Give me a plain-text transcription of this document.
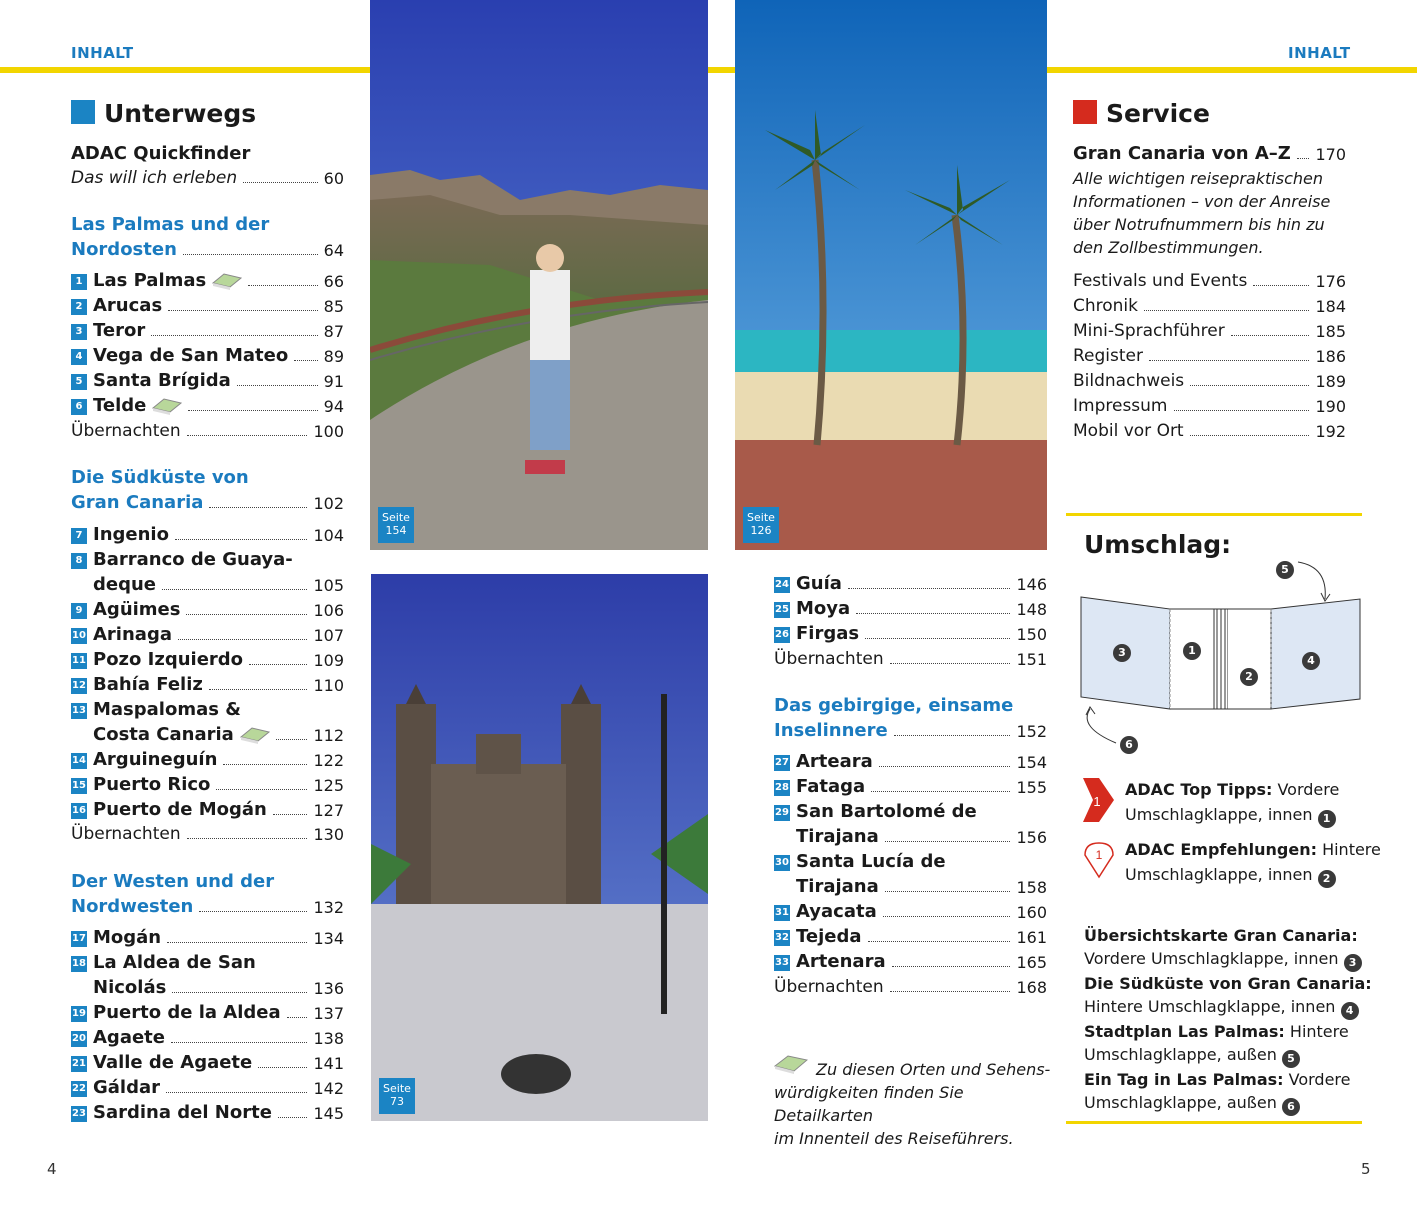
INHALT	INHALT
Unterwegs
ADAC Quickfinder
Das will ich erleben	60
Las Palmas und der
Nordosten	64
1 Las Palmas	66
2 Arucas	85
3 Teror	87
4 Vega de San Mateo 89
5 Santa Brígida	91
6 Telde	94
Übernachten	100
Die Südküste von
Gran Canaria	102
7 Ingenio	104
8 Barranco de Guaya-
deque	105
9 Agüimes	106
10 Arinaga	107
11 Pozo Izquierdo	109
12 Bahía Feliz	110
13 Maspalomas &
Costa Canaria	112
14 Arguineguín	122
15 Puerto Rico	125
16 Puerto de Mogán	127
Übernachten	130
Der Westen und der
Nordwesten	132
17 Mogán	134
18 La Aldea de San
Nicolás	136
19 Puerto de la Aldea 137
20 Agaete	138
21 Valle de Agaete	141
22 Gáldar	142
23 Sardina del Norte	145
Seite
154
Seite
73
Seite
126
24 Guía	146
25 Moya	148
26 Firgas	150
Übernachten	151
Das gebirgige, einsame
Inselinnere	152
27 Arteara	154
28 Fataga	155
29 San Bartolomé de
Tirajana	156
30 Santa Lucía de
Tirajana	158
31 Ayacata	160
32 Tejeda	161
33 Artenara	165
Übernachten	168
Zu diesen Orten und Sehens-
würdigkeiten finden Sie Detailkarten
im Innenteil des Reiseführers.
Service
Gran Canaria von A–Z 170
Alle wichtigen reisepraktischen
Informationen – von der Anreise
über Notrufnummern bis hin zu
den Zollbestimmungen.
Festivals und Events	176
Chronik	184
Mini-Sprachführer	185
Register	186
Bildnachweis	189
Impressum	190
Mobil vor Ort	192
Umschlag:
1
2
3
4
5
6
1
ADAC Top Tipps: Vordere
Umschlagklappe, innen 1
1 ADAC Empfehlungen: Hintere
Umschlagklappe, innen 2
Übersichtskarte Gran Canaria:
Vordere Umschlagklappe, innen 3
Die Südküste von Gran Canaria:
Hintere Umschlagklappe, innen 4
Stadtplan Las Palmas: Hintere
Umschlagklappe, außen 5
Ein Tag in Las Palmas: Vordere
Umschlagklappe, außen 6
4	5
